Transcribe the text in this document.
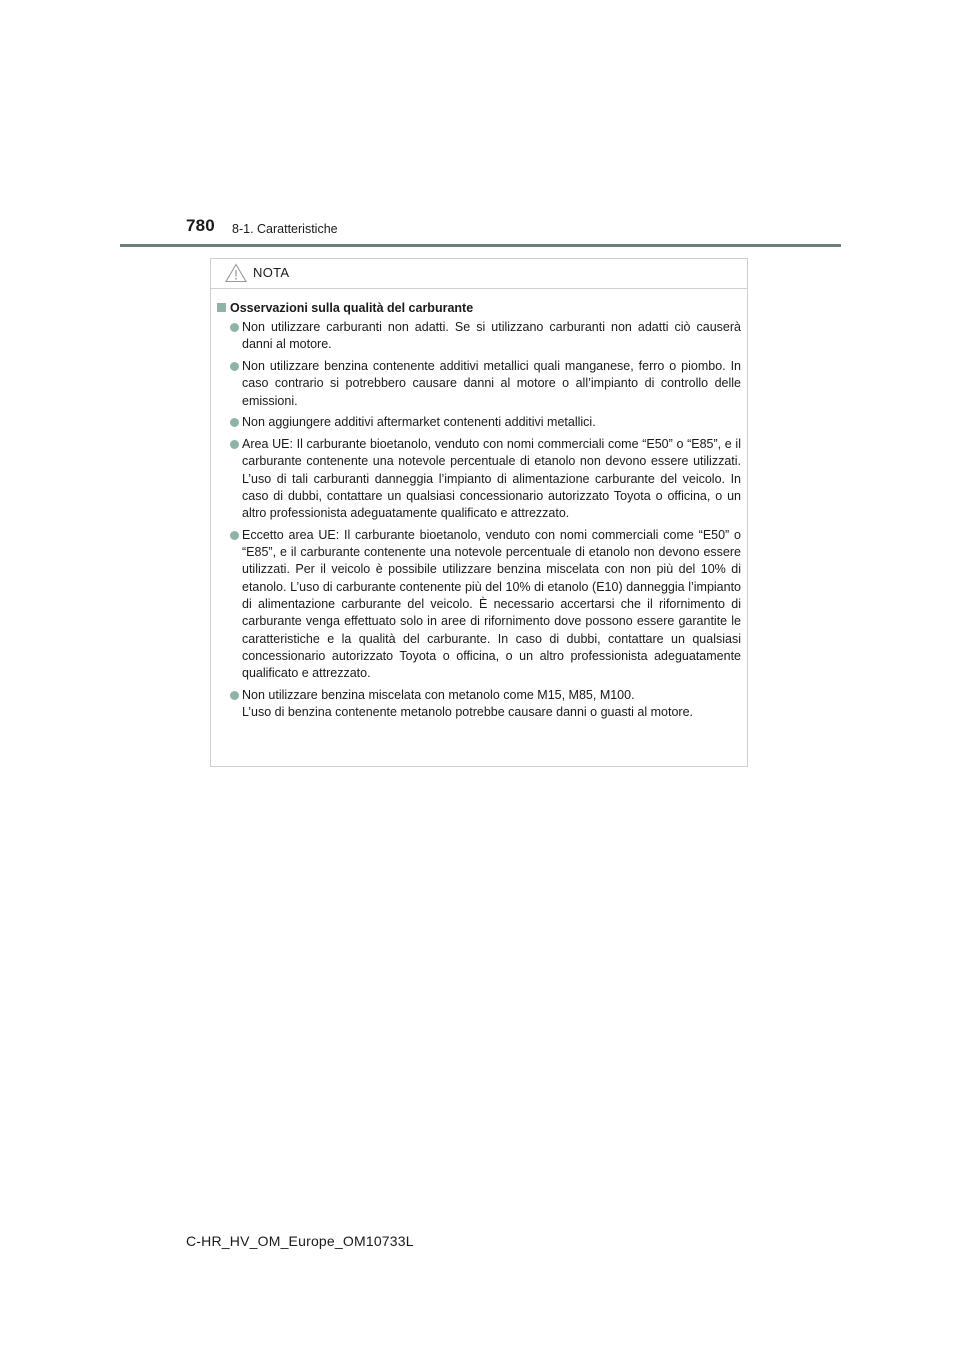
780 8-1. Caratteristiche
NOTA
Osservazioni sulla qualità del carburante
Non utilizzare carburanti non adatti. Se si utilizzano carburanti non adatti ciò causerà danni al motore.
Non utilizzare benzina contenente additivi metallici quali manganese, ferro o piombo. In caso contrario si potrebbero causare danni al motore o all’impianto di controllo delle emissioni.
Non aggiungere additivi aftermarket contenenti additivi metallici.
Area UE: Il carburante bioetanolo, venduto con nomi commerciali come “E50” o “E85”, e il carburante contenente una notevole percentuale di etanolo non devono essere utilizzati. L’uso di tali carburanti danneggia l’impianto di alimentazione carburante del veicolo. In caso di dubbi, contattare un qualsiasi concessionario autorizzato Toyota o officina, o un altro professionista adeguatamente qualificato e attrezzato.
Eccetto area UE: Il carburante bioetanolo, venduto con nomi commerciali come “E50” o “E85”, e il carburante contenente una notevole percentuale di etanolo non devono essere utilizzati. Per il veicolo è possibile utilizzare benzina miscelata con non più del 10% di etanolo. L’uso di carburante contenente più del 10% di etanolo (E10) danneggia l’impianto di alimentazione carburante del veicolo. È necessario accertarsi che il rifornimento di carburante venga effettuato solo in aree di rifornimento dove possono essere garantite le caratteristiche e la qualità del carburante. In caso di dubbi, contattare un qualsiasi concessionario autorizzato Toyota o officina, o un altro professionista adeguatamente qualificato e attrezzato.
Non utilizzare benzina miscelata con metanolo come M15, M85, M100.
L’uso di benzina contenente metanolo potrebbe causare danni o guasti al motore.
C-HR_HV_OM_Europe_OM10733L
